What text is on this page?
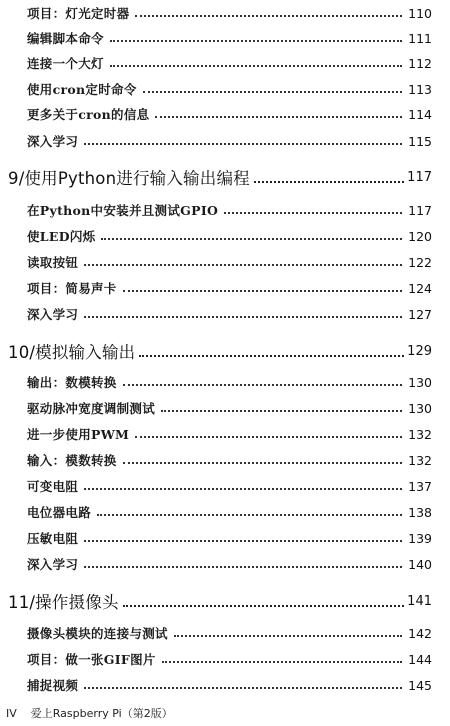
项目：灯光定时器	110
编辑脚本命令	111
连接一个大灯	112
使用cron定时命令	113
更多关于cron的信息	114
深入学习	115
9/使用Python进行输入输出编程	117
在Python中安装并且测试GPIO	117
使LED闪烁	120
读取按钮	122
项目：简易声卡	124
深入学习	127
10/模拟输入输出	129
输出：数模转换	130
驱动脉冲宽度调制测试	130
进一步使用PWM	132
输入：模数转换	132
可变电阻	137
电位器电路	138
压敏电阻	139
深入学习	140
11/操作摄像头	141
摄像头模块的连接与测试	142
项目：做一张GIF图片	144
捕捉视频	145
IV 爱上Raspberry Pi（第2版）
